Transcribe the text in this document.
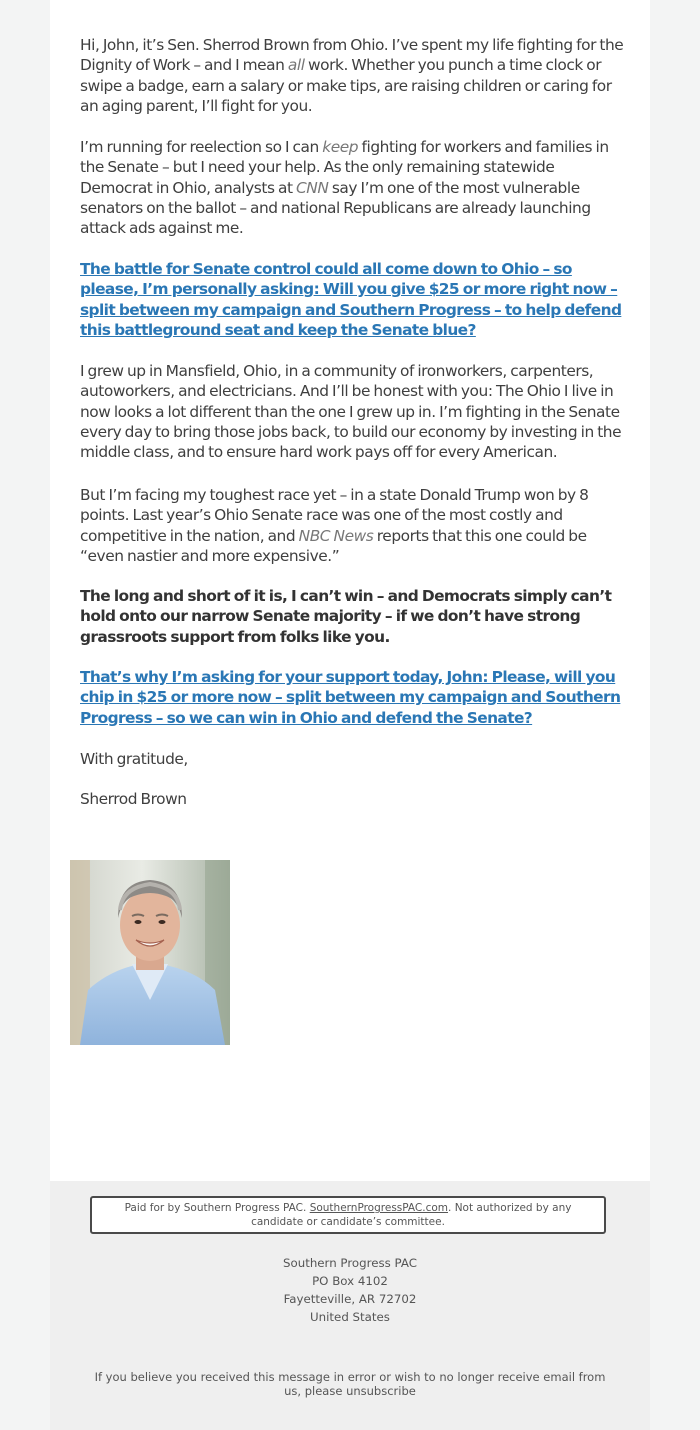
Hi, John, it’s Sen. Sherrod Brown from Ohio. I’ve spent my life fighting for the Dignity of Work – and I mean all work. Whether you punch a time clock or swipe a badge, earn a salary or make tips, are raising children or caring for an aging parent, I’ll fight for you.

I’m running for reelection so I can keep fighting for workers and families in the Senate – but I need your help. As the only remaining statewide Democrat in Ohio, analysts at CNN say I’m one of the most vulnerable senators on the ballot – and national Republicans are already launching attack ads against me.

The battle for Senate control could all come down to Ohio – so please, I’m personally asking: Will you give $25 or more right now – split between my campaign and Southern Progress – to help defend this battleground seat and keep the Senate blue?

I grew up in Mansfield, Ohio, in a community of ironworkers, carpenters, autoworkers, and electricians. And I’ll be honest with you: The Ohio I live in now looks a lot different than the one I grew up in. I’m fighting in the Senate every day to bring those jobs back, to build our economy by investing in the middle class, and to ensure hard work pays off for every American.

But I’m facing my toughest race yet – in a state Donald Trump won by 8 points. Last year’s Ohio Senate race was one of the most costly and competitive in the nation, and NBC News reports that this one could be “even nastier and more expensive.”

The long and short of it is, I can’t win – and Democrats simply can’t hold onto our narrow Senate majority – if we don’t have strong grassroots support from folks like you.

That’s why I’m asking for your support today, John: Please, will you chip in $25 or more now – split between my campaign and Southern Progress – so we can win in Ohio and defend the Senate?

With gratitude,

Sherrod Brown

Paid for by Southern Progress PAC. SouthernProgressPAC.com. Not authorized by any candidate or candidate’s committee.
Southern Progress PAC
PO Box 4102
Fayetteville, AR 72702
United States
If you believe you received this message in error or wish to no longer receive email from us, please unsubscribe
